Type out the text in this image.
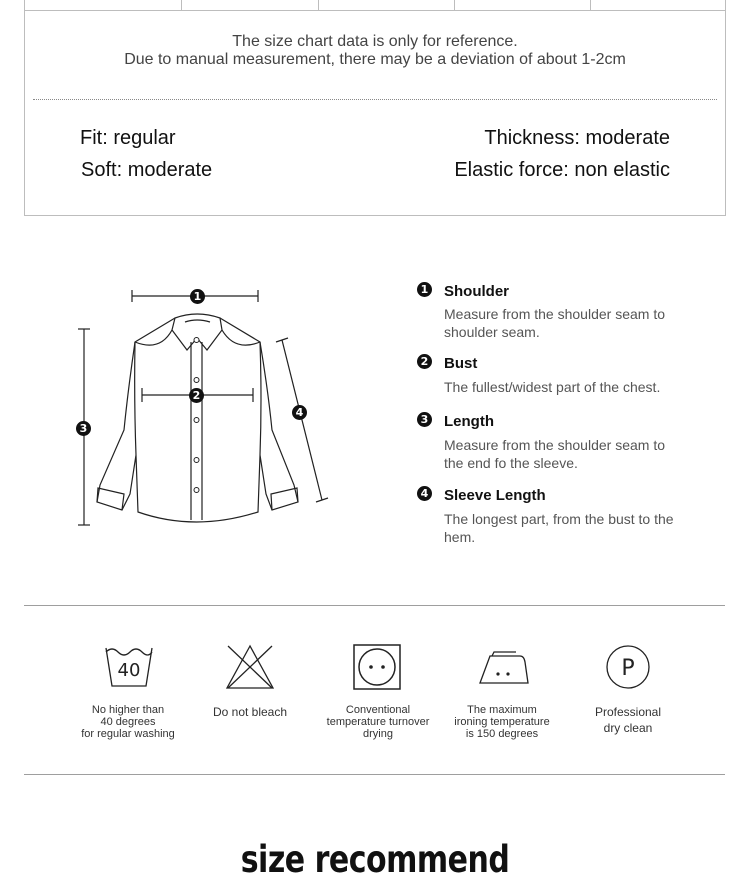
The size chart data is only for reference.
Due to manual measurement, there may be a deviation of about 1-2cm
Fit: regular
Soft: moderate
Thickness: moderate
Elastic force: non elastic
1
2
3
4
1 Shoulder
Measure from the shoulder seam to shoulder seam.
2 Bust
The fullest/widest part of the chest.
3 Length
Measure from the shoulder seam to the end fo the sleeve.
4 Sleeve Length
The longest part, from the bust to the hem.
40
No higher than
40 degrees
for regular washing
Do not bleach	Conventional
temperature turnover
drying
The maximum
ironing temperature
is 150 degrees
P
Professional
dry clean
size recommend
